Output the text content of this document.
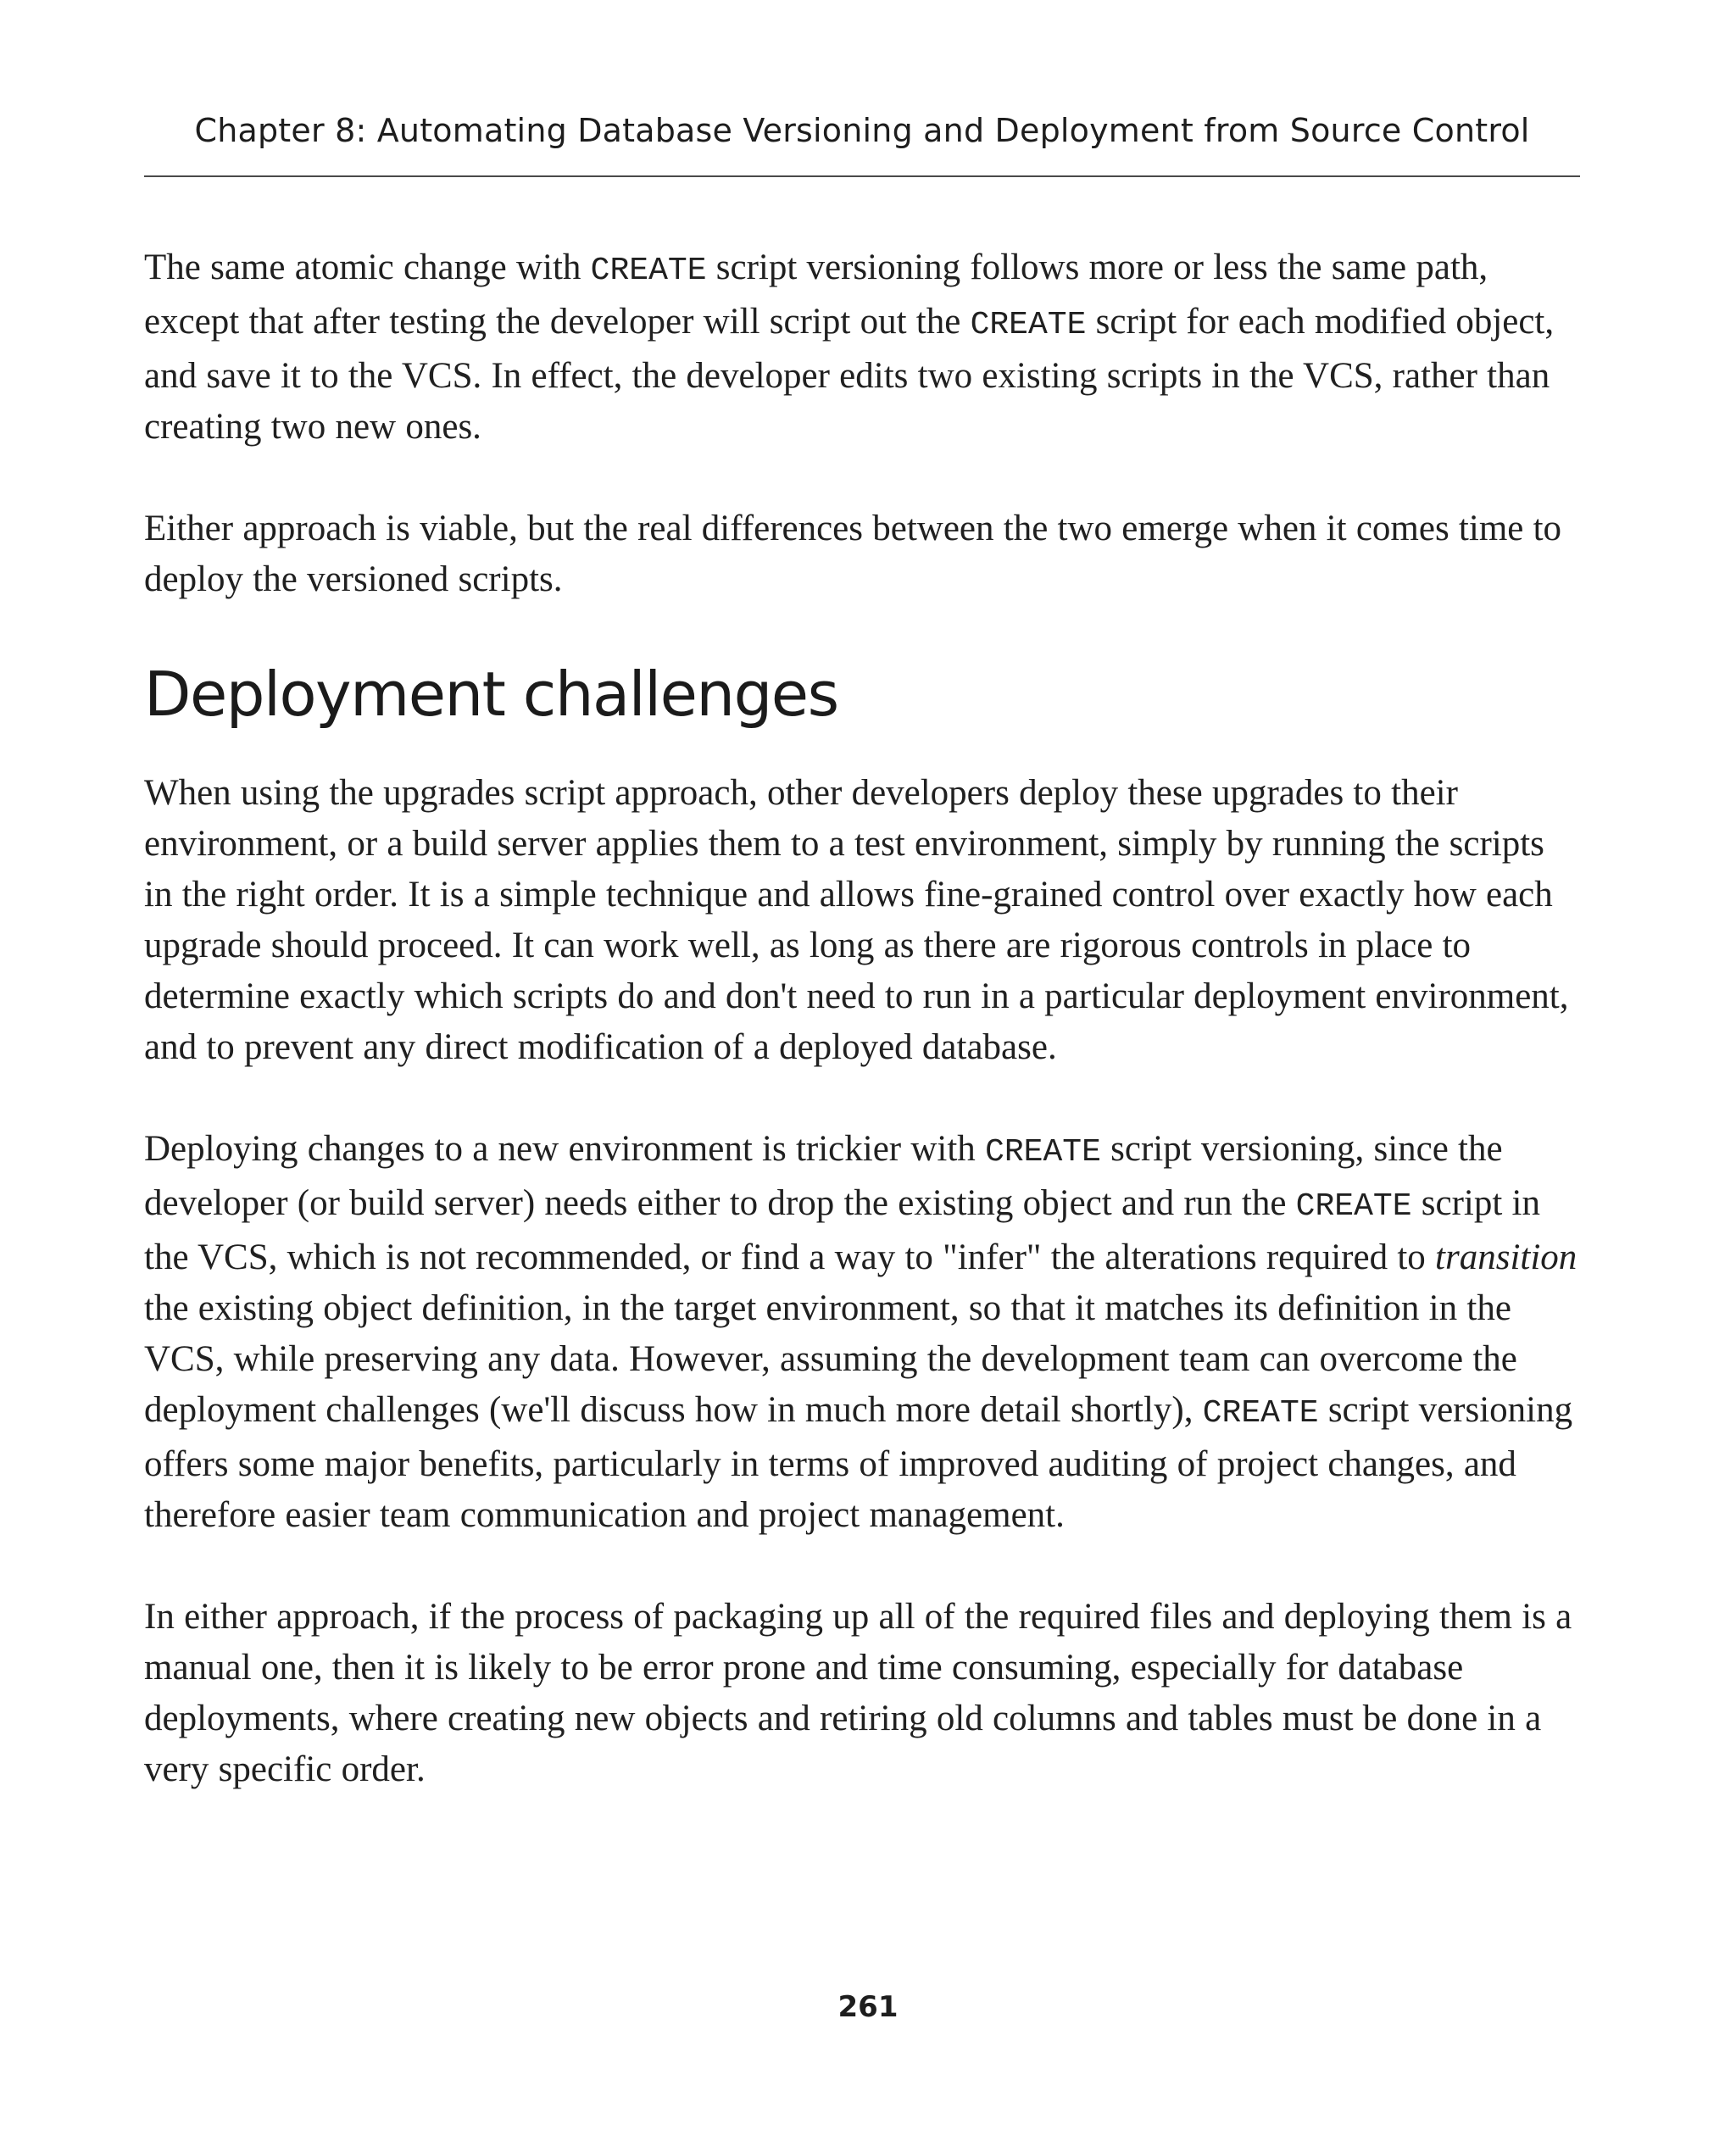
Chapter 8: Automating Database Versioning and Deployment from Source Control

The same atomic change with CREATE script versioning follows more or less the same path, except that after testing the developer will script out the CREATE script for each modified object, and save it to the VCS. In effect, the developer edits two existing scripts in the VCS, rather than creating two new ones.

Either approach is viable, but the real differences between the two emerge when it comes time to deploy the versioned scripts.

Deployment challenges

When using the upgrades script approach, other developers deploy these upgrades to their environment, or a build server applies them to a test environment, simply by running the scripts in the right order. It is a simple technique and allows fine-grained control over exactly how each upgrade should proceed. It can work well, as long as there are rigorous controls in place to determine exactly which scripts do and don't need to run in a particular deployment environment, and to prevent any direct modification of a deployed database.

Deploying changes to a new environment is trickier with CREATE script versioning, since the developer (or build server) needs either to drop the existing object and run the CREATE script in the VCS, which is not recommended, or find a way to "infer" the alterations required to transition the existing object definition, in the target environment, so that it matches its definition in the VCS, while preserving any data. However, assuming the development team can overcome the deployment challenges (we'll discuss how in much more detail shortly), CREATE script versioning offers some major benefits, particularly in terms of improved auditing of project changes, and therefore easier team communication and project management.

In either approach, if the process of packaging up all of the required files and deploying them is a manual one, then it is likely to be error prone and time consuming, especially for database deployments, where creating new objects and retiring old columns and tables must be done in a very specific order.

261
